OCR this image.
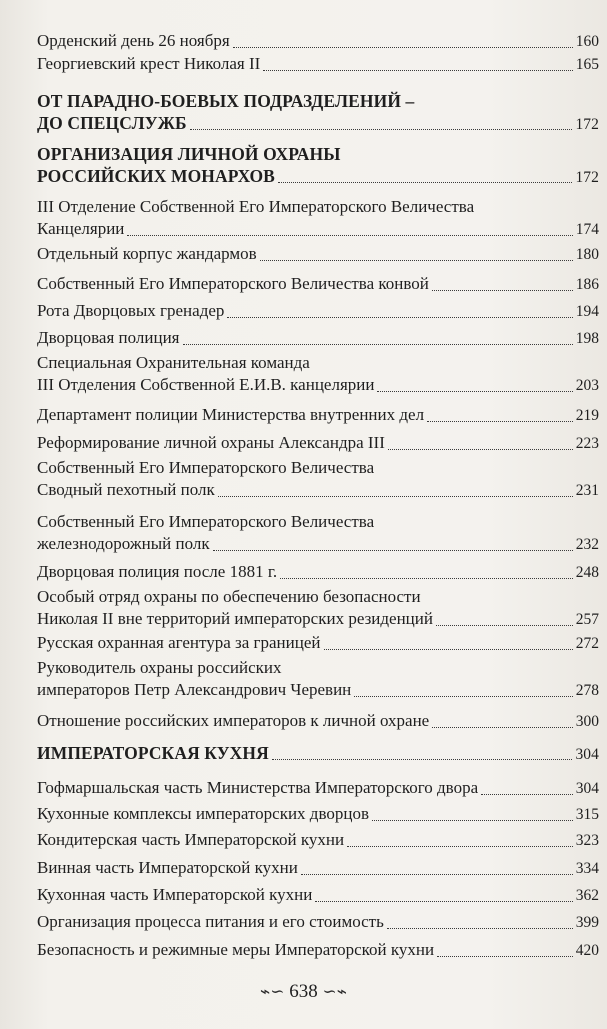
Орденский день 26 ноября	160
Георгиевский крест Николая II	165
ОТ ПАРАДНО-БОЕВЫХ ПОДРАЗДЕЛЕНИЙ –
ДО СПЕЦСЛУЖБ	172
ОРГАНИЗАЦИЯ ЛИЧНОЙ ОХРАНЫ
РОССИЙСКИХ МОНАРХОВ	172
III Отделение Собственной Его Императорского Величества
Канцелярии	174
Отдельный корпус жандармов	180
Собственный Его Императорского Величества конвой	186
Рота Дворцовых гренадер	194
Дворцовая полиция	198
Специальная Охранительная команда
III Отделения Собственной Е.И.В. канцелярии	203
Департамент полиции Министерства внутренних дел	219
Реформирование личной охраны Александра III	223
Собственный Его Императорского Величества
Сводный пехотный полк	231
Собственный Его Императорского Величества
железнодорожный полк	232
Дворцовая полиция после 1881 г.	248
Особый отряд охраны по обеспечению безопасности
Николая II вне территорий императорских резиденций	257
Русская охранная агентура за границей	272
Руководитель охраны российских
императоров Петр Александрович Черевин	278
Отношение российских императоров к личной охране	300
ИМПЕРАТОРСКАЯ КУХНЯ	304
Гофмаршальская часть Министерства Императорского двора	304
Кухонные комплексы императорских дворцов	315
Кондитерская часть Императорской кухни	323
Винная часть Императорской кухни	334
Кухонная часть Императорской кухни	362
Организация процесса питания и его стоимость	399
Безопасность и режимные меры Императорской кухни	420
⌁∽ 638 ∽⌁
